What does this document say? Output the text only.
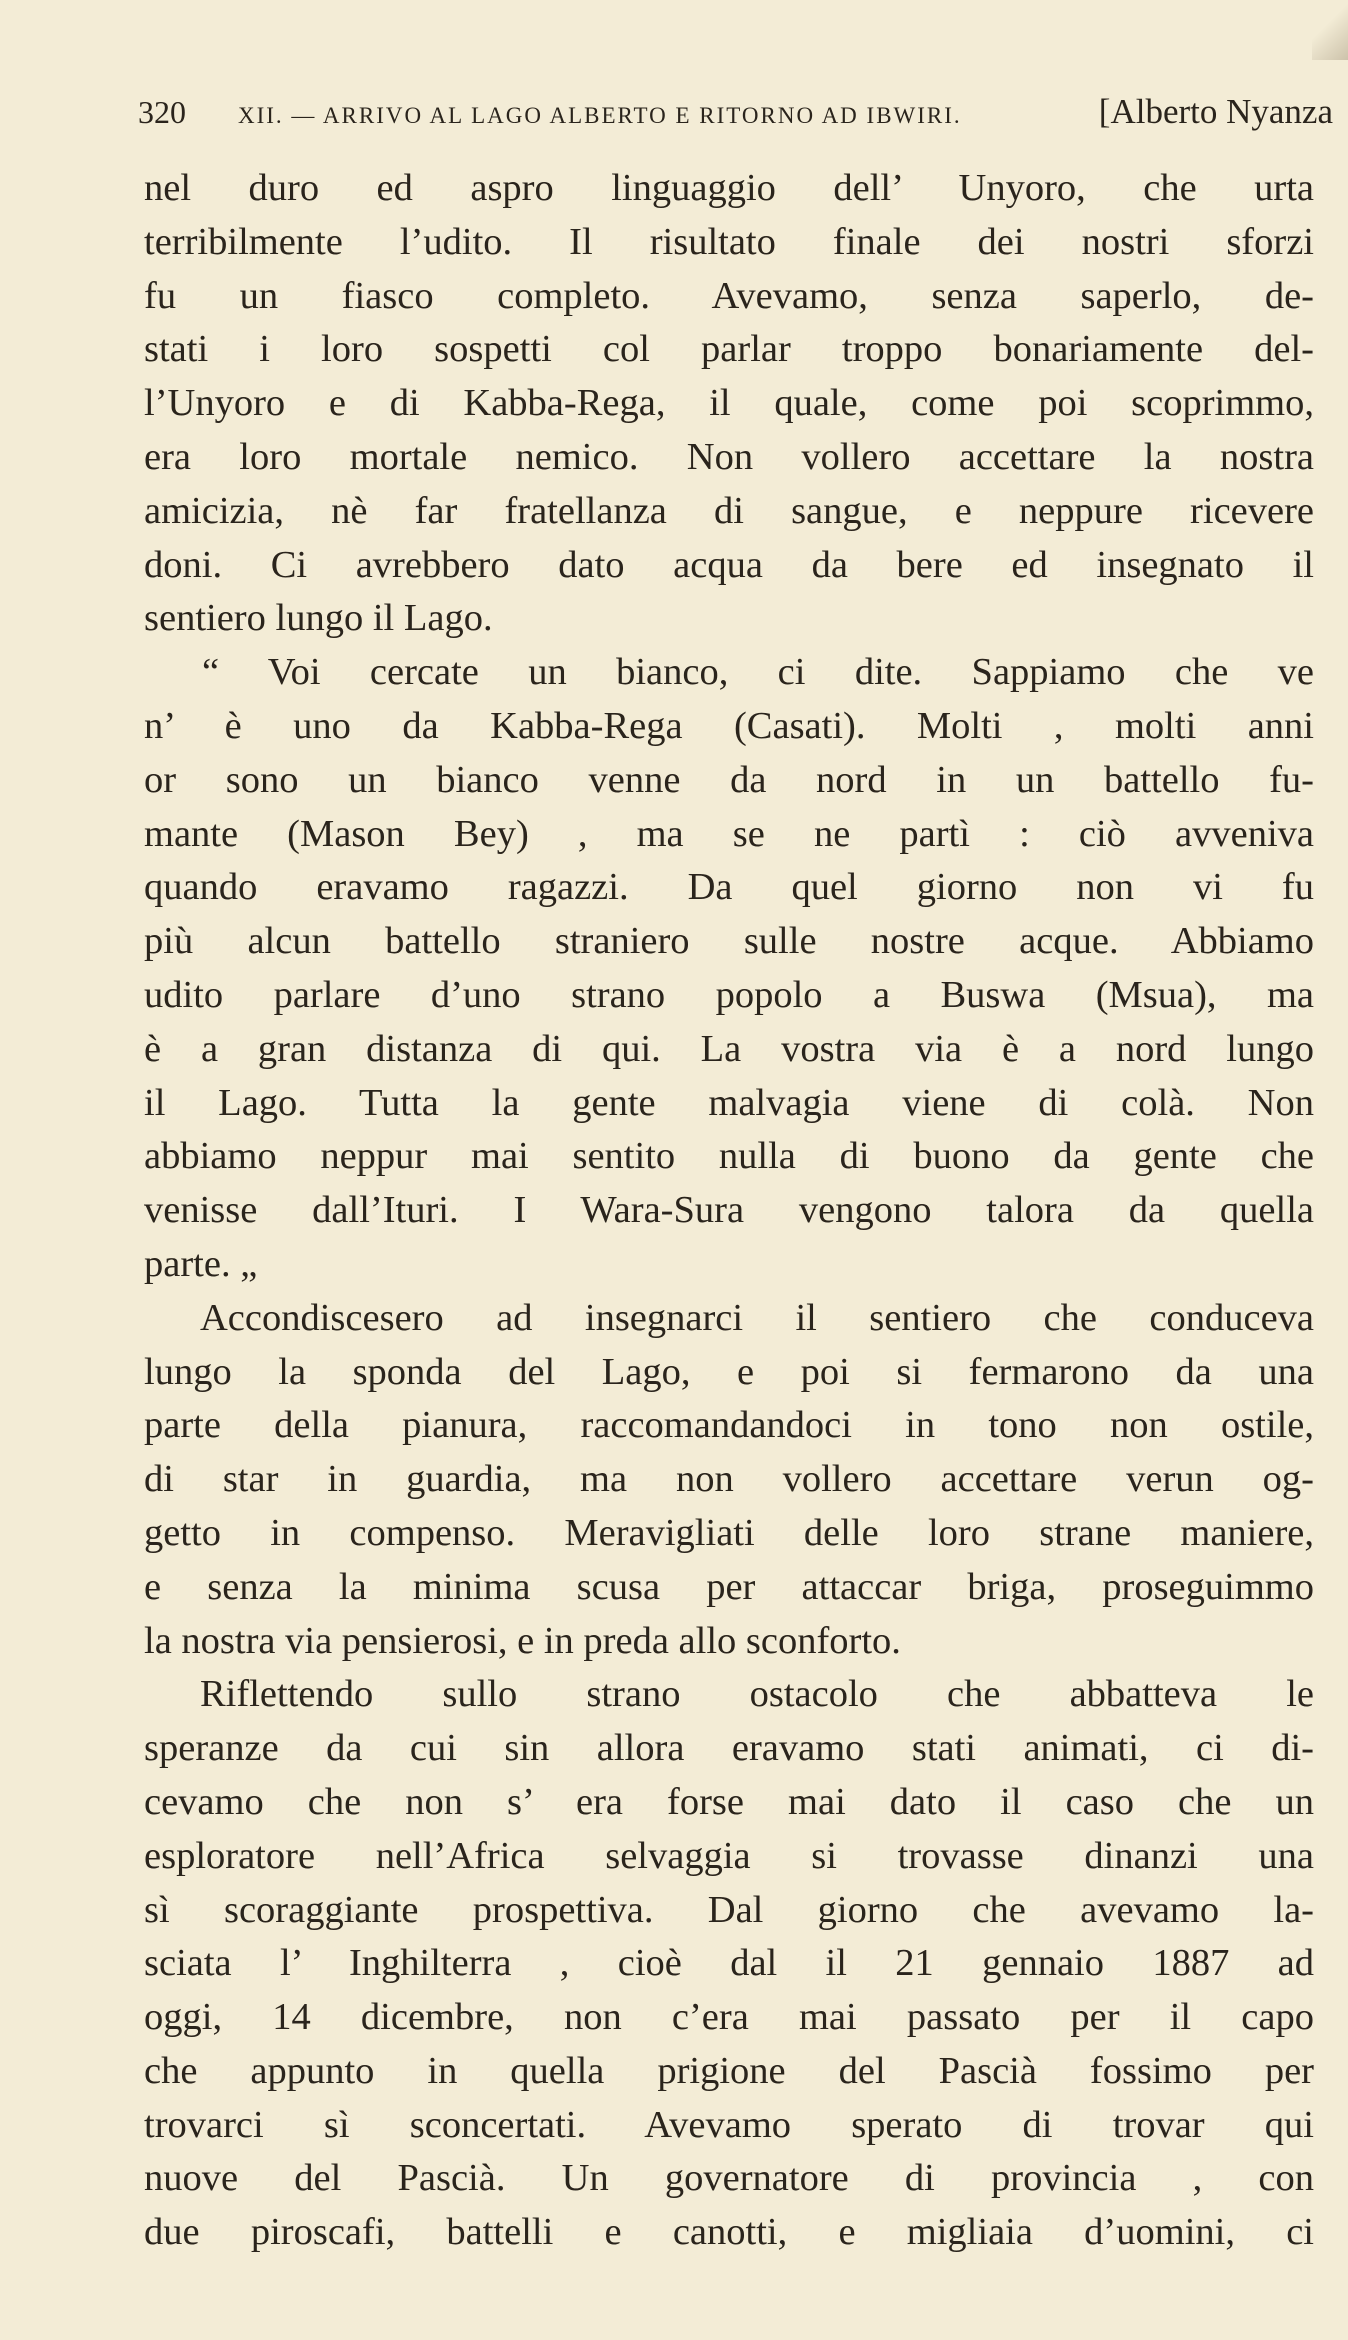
320 XII. — ARRIVO AL LAGO ALBERTO E RITORNO AD IBWIRI.	[Alberto Nyanza
nel duro ed aspro linguaggio dell’ Unyoro, che urta
terribilmente l’udito. Il risultato finale dei nostri sforzi
fu un fiasco completo. Avevamo, senza saperlo, de-
stati i loro sospetti col parlar troppo bonariamente del-
l’Unyoro e di Kabba-Rega, il quale, come poi scoprimmo,
era loro mortale nemico. Non vollero accettare la nostra
amicizia, nè far fratellanza di sangue, e neppure ricevere
doni. Ci avrebbero dato acqua da bere ed insegnato il
sentiero lungo il Lago.
“ Voi cercate un bianco, ci dite. Sappiamo che ve
n’ è uno da Kabba-Rega (Casati). Molti , molti anni
or sono un bianco venne da nord in un battello fu-
mante (Mason Bey) , ma se ne partì : ciò avveniva
quando eravamo ragazzi. Da quel giorno non vi fu
più alcun battello straniero sulle nostre acque. Abbiamo
udito parlare d’uno strano popolo a Buswa (Msua), ma
è a gran distanza di qui. La vostra via è a nord lungo
il Lago. Tutta la gente malvagia viene di colà. Non
abbiamo neppur mai sentito nulla di buono da gente che
venisse dall’Ituri. I Wara-Sura vengono talora da quella
parte. „
Accondiscesero ad insegnarci il sentiero che conduceva
lungo la sponda del Lago, e poi si fermarono da una
parte della pianura, raccomandandoci in tono non ostile,
di star in guardia, ma non vollero accettare verun og-
getto in compenso. Meravigliati delle loro strane maniere,
e senza la minima scusa per attaccar briga, proseguimmo
la nostra via pensierosi, e in preda allo sconforto.
Riflettendo sullo strano ostacolo che abbatteva le
speranze da cui sin allora eravamo stati animati, ci di-
cevamo che non s’ era forse mai dato il caso che un
esploratore nell’Africa selvaggia si trovasse dinanzi una
sì scoraggiante prospettiva. Dal giorno che avevamo la-
sciata l’ Inghilterra , cioè dal il 21 gennaio 1887 ad
oggi, 14 dicembre, non c’era mai passato per il capo
che appunto in quella prigione del Pascià fossimo per
trovarci sì sconcertati. Avevamo sperato di trovar qui
nuove del Pascià. Un governatore di provincia , con
due piroscafi, battelli e canotti, e migliaia d’uomini, ci
